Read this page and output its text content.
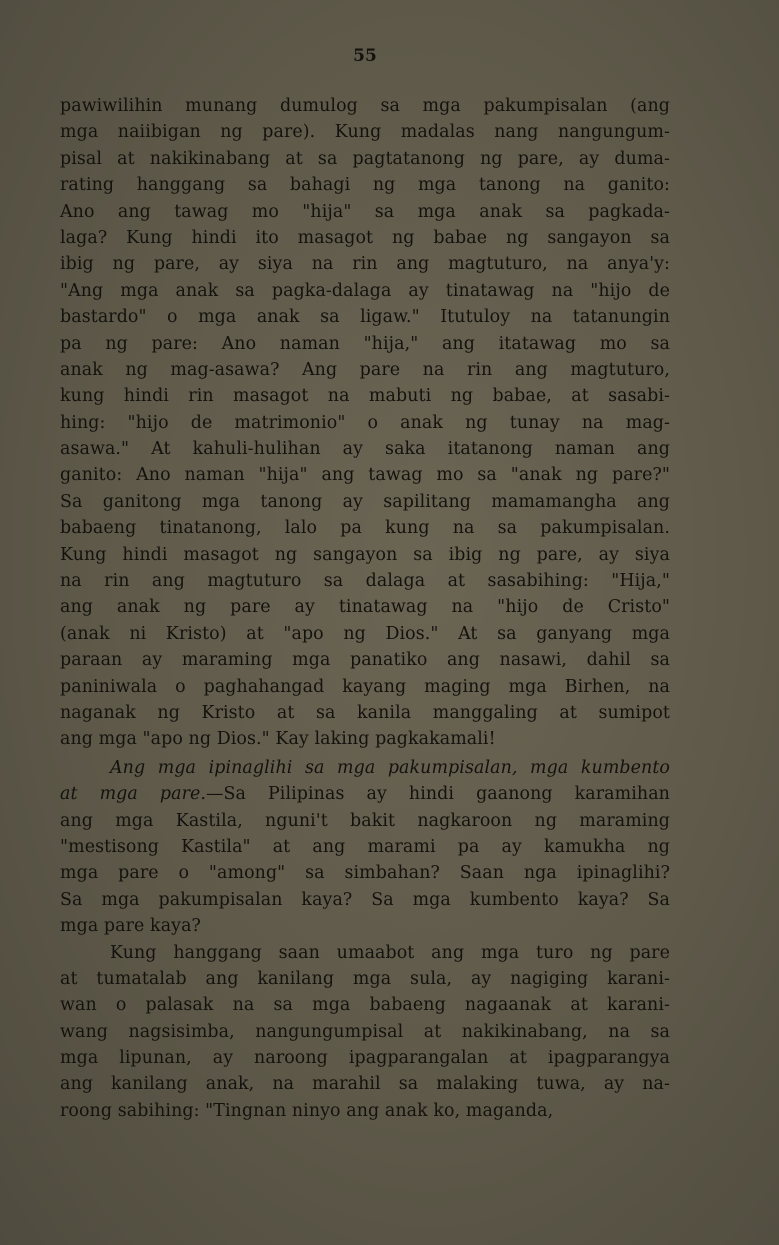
55
pawiwilihin munang dumulog sa mga pakumpisalan (ang
mga naiibigan ng pare). Kung madalas nang nangungum-
pisal at nakikinabang at sa pagtatanong ng pare, ay duma-
rating hanggang sa bahagi ng mga tanong na ganito:
Ano ang tawag mo "hija" sa mga anak sa pagkada-
laga? Kung hindi ito masagot ng babae ng sangayon sa
ibig ng pare, ay siya na rin ang magtuturo, na anya'y:
"Ang mga anak sa pagka-dalaga ay tinatawag na "hijo de
bastardo" o mga anak sa ligaw." Itutuloy na tatanungin
pa ng pare: Ano naman "hija," ang itatawag mo sa
anak ng mag-asawa? Ang pare na rin ang magtuturo,
kung hindi rin masagot na mabuti ng babae, at sasabi-
hing: "hijo de matrimonio" o anak ng tunay na mag-
asawa." At kahuli-hulihan ay saka itatanong naman ang
ganito: Ano naman "hija" ang tawag mo sa "anak ng pare?"
Sa ganitong mga tanong ay sapilitang mamamangha ang
babaeng tinatanong, lalo pa kung na sa pakumpisalan.
Kung hindi masagot ng sangayon sa ibig ng pare, ay siya
na rin ang magtuturo sa dalaga at sasabihing: "Hija,"
ang anak ng pare ay tinatawag na "hijo de Cristo"
(anak ni Kristo) at "apo ng Dios." At sa ganyang mga
paraan ay maraming mga panatiko ang nasawi, dahil sa
paniniwala o paghahangad kayang maging mga Birhen, na
naganak ng Kristo at sa kanila manggaling at sumipot
ang mga "apo ng Dios." Kay laking pagkakamali!
Ang mga ipinaglihi sa mga pakumpisalan, mga kumbento
at mga pare.—Sa Pilipinas ay hindi gaanong karamihan
ang mga Kastila, nguni't bakit nagkaroon ng maraming
"mestisong Kastila" at ang marami pa ay kamukha ng
mga pare o "among" sa simbahan? Saan nga ipinaglihi?
Sa mga pakumpisalan kaya? Sa mga kumbento kaya? Sa
mga pare kaya?
Kung hanggang saan umaabot ang mga turo ng pare
at tumatalab ang kanilang mga sula, ay nagiging karani-
wan o palasak na sa mga babaeng nagaanak at karani-
wang nagsisimba, nangungumpisal at nakikinabang, na sa
mga lipunan, ay naroong ipagparangalan at ipagparangya
ang kanilang anak, na marahil sa malaking tuwa, ay na-
roong sabihing: "Tingnan ninyo ang anak ko, maganda,
